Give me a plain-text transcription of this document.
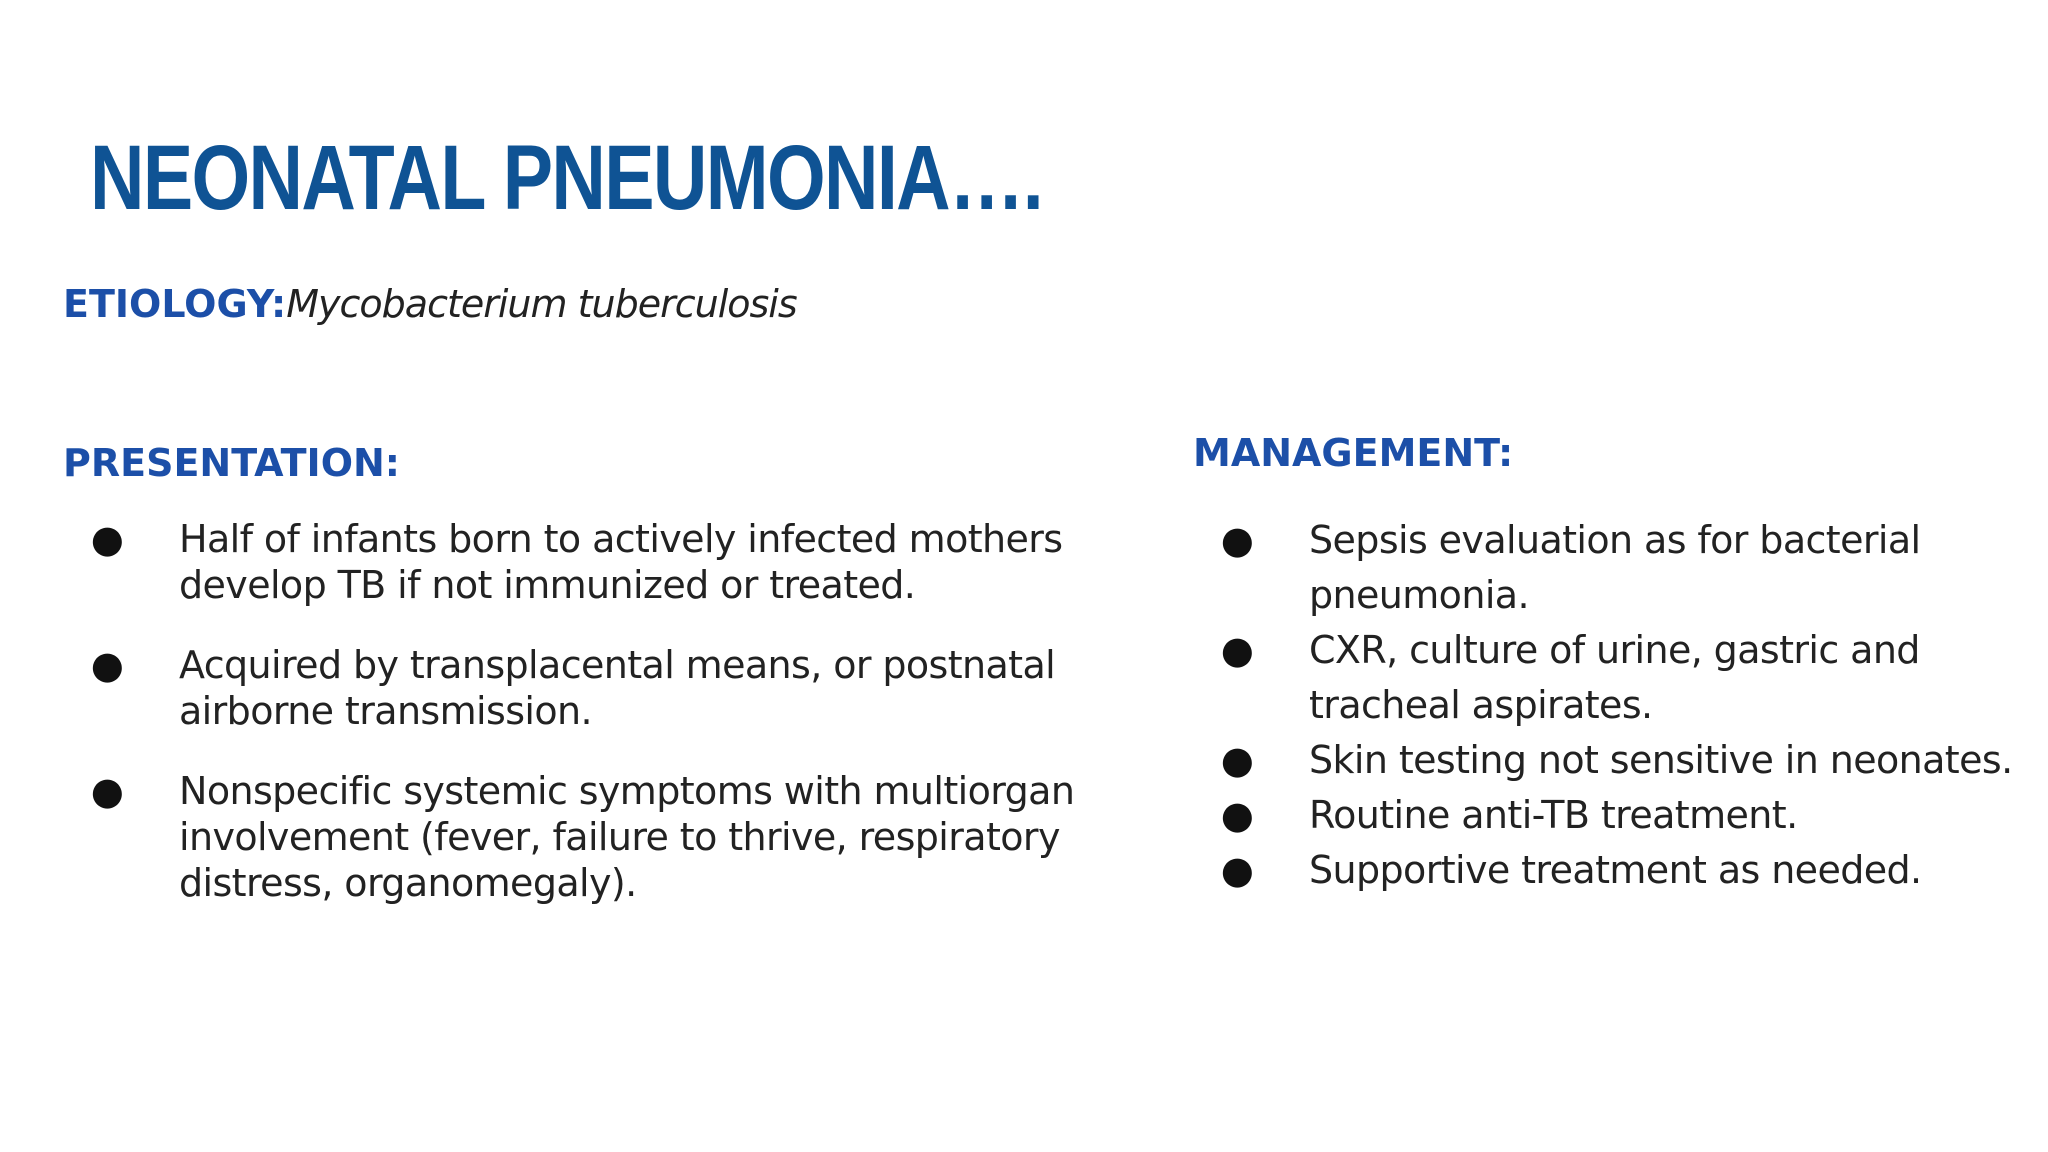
NEONATAL PNEUMONIA….
ETIOLOGY:Mycobacterium tuberculosis
PRESENTATION:
●	Half of infants born to actively infected mothers develop TB if not immunized or treated.
●	Acquired by transplacental means, or postnatal airborne transmission.
●	Nonspecific systemic symptoms with multiorgan involvement (fever, failure to thrive, respiratory distress, organomegaly).
MANAGEMENT:
●	Sepsis evaluation as for bacterial pneumonia.
●	CXR, culture of urine, gastric and tracheal aspirates.
●	Skin testing not sensitive in neonates.
●	Routine anti-TB treatment.
●	Supportive treatment as needed.
